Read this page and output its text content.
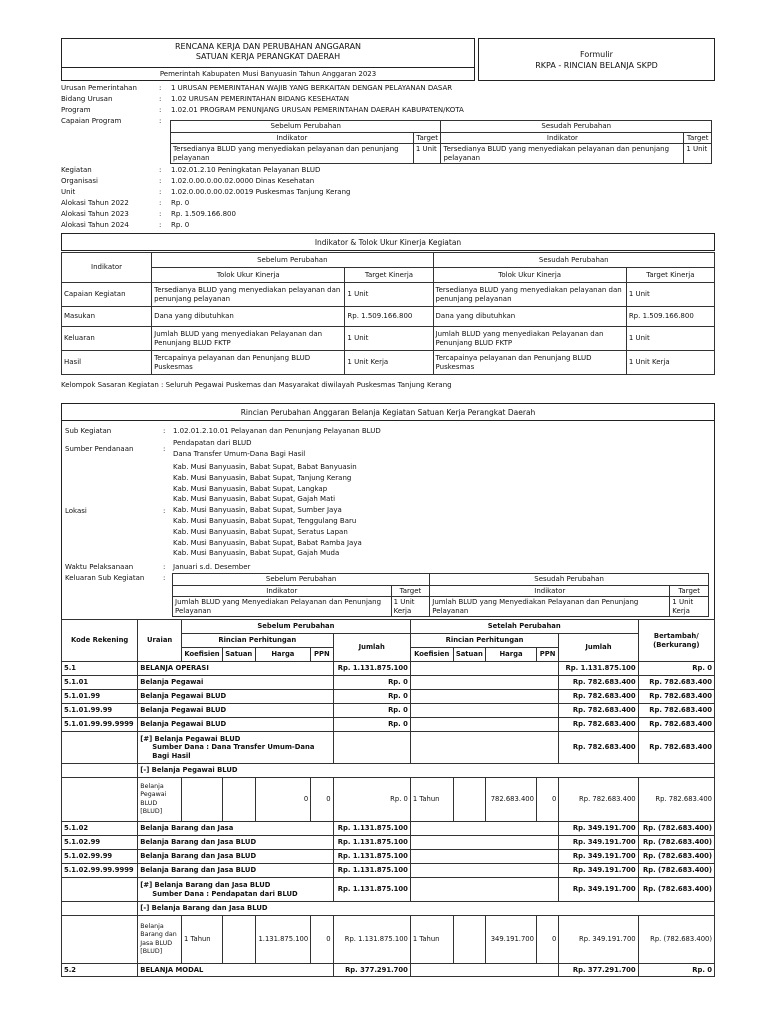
RENCANA KERJA DAN PERUBAHAN ANGGARAN
SATUAN KERJA PERANGKAT DAERAH
Pemerintah Kabupaten Musi Banyuasin Tahun Anggaran 2023
Formulir
RKPA - RINCIAN BELANJA SKPD
Urusan Pemerintahan	: 1 URUSAN PEMERINTAHAN WAJIB YANG BERKAITAN DENGAN PELAYANAN DASAR
Bidang Urusan	: 1.02 URUSAN PEMERINTAHAN BIDANG KESEHATAN
Program	: 1.02.01 PROGRAM PENUNJANG URUSAN PEMERINTAHAN DAERAH KABUPATEN/KOTA
Capaian Program	:
Sebelum Perubahan		Sesudah Perubahan	
Indikator	Target	Indikator	Target
Tersedianya BLUD yang menyediakan pelayanan dan penunjang pelayanan	1 Unit	Tersedianya BLUD yang menyediakan pelayanan dan penunjang pelayanan	1 Unit
Kegiatan	: 1.02.01.2.10 Peningkatan Pelayanan BLUD
Organisasi	: 1.02.0.00.0.00.02.0000 Dinas Kesehatan
Unit	: 1.02.0.00.0.00.02.0019 Puskesmas Tanjung Kerang
Alokasi Tahun 2022	: Rp. 0
Alokasi Tahun 2023	: Rp. 1.509.166.800
Alokasi Tahun 2024	: Rp. 0
Indikator & Tolok Ukur Kinerja Kegiatan
Indikator	Sebelum Perubahan		Sesudah Perubahan	
	Tolok Ukur Kinerja	Target Kinerja	Tolok Ukur Kinerja	Target Kinerja
Capaian Kegiatan	Tersedianya BLUD yang menyediakan pelayanan dan penunjang pelayanan	1 Unit	Tersedianya BLUD yang menyediakan pelayanan dan penunjang pelayanan	1 Unit
Masukan	Dana yang dibutuhkan	Rp. 1.509.166.800	Dana yang dibutuhkan	Rp. 1.509.166.800
Keluaran	Jumlah BLUD yang menyediakan Pelayanan dan Penunjang BLUD FKTP	1 Unit	Jumlah BLUD yang menyediakan Pelayanan dan Penunjang BLUD FKTP	1 Unit
Hasil	Tercapainya pelayanan dan Penunjang BLUD Puskesmas	1 Unit Kerja	Tercapainya pelayanan dan Penunjang BLUD Puskesmas	1 Unit Kerja
Kelompok Sasaran Kegiatan : Seluruh Pegawai Puskemas dan Masyarakat diwilayah Puskesmas Tanjung Kerang
Rincian Perubahan Anggaran Belanja Kegiatan Satuan Kerja Perangkat Daerah
Sub Kegiatan	: 1.02.01.2.10.01 Pelayanan dan Penunjang Pelayanan BLUD
Sumber Pendanaan	:
Pendapatan dari BLUD
Dana Transfer Umum-Dana Bagi Hasil
Kab. Musi Banyuasin, Babat Supat, Babat Banyuasin
Kab. Musi Banyuasin, Babat Supat, Tanjung Kerang
Kab. Musi Banyuasin, Babat Supat, Langkap
Kab. Musi Banyuasin, Babat Supat, Gajah Mati
Kab. Musi Banyuasin, Babat Supat, Sumber Jaya
Kab. Musi Banyuasin, Babat Supat, Tenggulang Baru
Kab. Musi Banyuasin, Babat Supat, Seratus Lapan
Kab. Musi Banyuasin, Babat Supat, Babat Ramba Jaya
Kab. Musi Banyuasin, Babat Supat, Gajah Muda
Lokasi	:
Waktu Pelaksanaan	: Januari s.d. Desember
Keluaran Sub Kegiatan	:	Sebelum Perubahan		Sesudah Perubahan	
Indikator	Target	Indikator	Target
Jumlah BLUD yang Menyediakan Pelayanan dan Penunjang Pelayanan	1 Unit Kerja	Jumlah BLUD yang Menyediakan Pelayanan dan Penunjang Pelayanan	1 Unit Kerja
Kode Rekening	Uraian	Sebelum Perubahan					Setelah Perubahan					Bertambah/ (Berkurang)
		Rincian Perhitungan				Jumlah	Rincian Perhitungan				Jumlah	
		Koefisien	Satuan	Harga	PPN		Koefisien	Satuan	Harga	PPN		
5.1	BELANJA OPERASI					Rp. 1.131.875.100					Rp. 1.131.875.100	Rp. 0
5.1.01	Belanja Pegawai					Rp. 0					Rp. 782.683.400	Rp. 782.683.400
5.1.01.99	Belanja Pegawai BLUD					Rp. 0					Rp. 782.683.400	Rp. 782.683.400
5.1.01.99.99	Belanja Pegawai BLUD					Rp. 0					Rp. 782.683.400	Rp. 782.683.400
5.1.01.99.99.9999	Belanja Pegawai BLUD					Rp. 0					Rp. 782.683.400	Rp. 782.683.400

	[#] Belanja Pegawai BLUD
Sumber Dana : Dana Transfer Umum-Dana
Bagi Hasil										Rp. 782.683.400	Rp. 782.683.400
	[-] Belanja Pegawai BLUD											
	Belanja Pegawai BLUD [BLUD]			0	0	Rp. 0	1 Tahun		782.683.400	0	Rp. 782.683.400	Rp. 782.683.400
5.1.02	Belanja Barang dan Jasa					Rp. 1.131.875.100					Rp. 349.191.700	Rp. (782.683.400)
5.1.02.99	Belanja Barang dan Jasa BLUD					Rp. 1.131.875.100					Rp. 349.191.700	Rp. (782.683.400)
5.1.02.99.99	Belanja Barang dan Jasa BLUD					Rp. 1.131.875.100					Rp. 349.191.700	Rp. (782.683.400)
5.1.02.99.99.9999	Belanja Barang dan Jasa BLUD					Rp. 1.131.875.100					Rp. 349.191.700	Rp. (782.683.400)

	[#] Belanja Barang dan Jasa BLUD
Sumber Dana : Pendapatan dari BLUD					Rp. 1.131.875.100					Rp. 349.191.700	Rp. (782.683.400)
	[-] Belanja Barang dan Jasa BLUD											
	Belanja Barang dan Jasa BLUD [BLUD]	1 Tahun		1.131.875.100	0	Rp. 1.131.875.100	1 Tahun		349.191.700	0	Rp. 349.191.700	Rp. (782.683.400)
5.2	BELANJA MODAL					Rp. 377.291.700					Rp. 377.291.700	Rp. 0
